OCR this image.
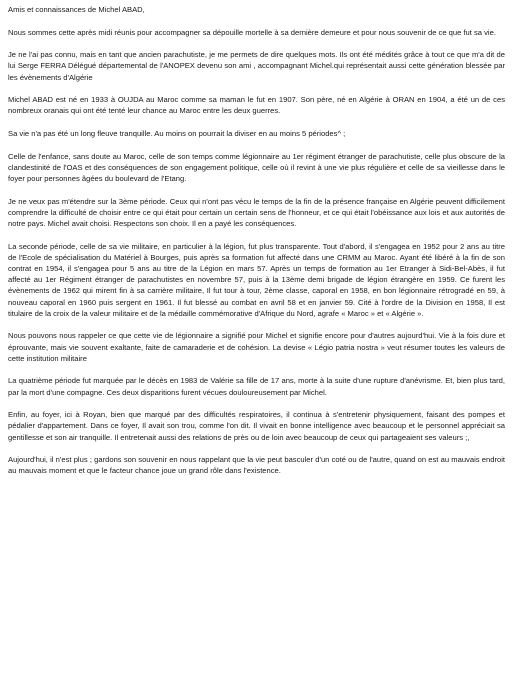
Amis et connaissances de Michel ABAD,

Nous sommes cette après midi réunis pour accompagner sa dépouille mortelle à sa dernière demeure et pour nous souvenir de ce que fut sa vie.

Je ne l'ai pas connu, mais en tant que ancien parachutiste, je me permets de dire quelques mots. Ils ont été médités grâce à tout ce que m'a dit de lui Serge FERRA Délégué départemental de l'ANOPEX devenu son ami , accompagnant Michel.qui représentait aussi cette génération blessée par les évènements d'Algérie

Michel ABAD est né en 1933 à OUJDA au Maroc comme sa maman le fut en 1907. Son père, né en Algérie à ORAN en 1904, a été un de ces nombreux oranais qui ont été tenté leur chance au Maroc entre les deux guerres.

Sa vie n'a pas été un long fleuve tranquille. Au moins on pourrait la diviser en au moins 5 périodes^ ;

Celle de l'enfance, sans doute au Maroc, celle de son temps comme légionnaire au 1er régiment étranger de parachutiste, celle plus obscure de la clandestinité de l'OAS et des conséquences de son engagement politique, celle où il revint à une vie plus régulière et celle de sa vieillesse dans le foyer pour personnes âgées du boulevard de l'Etang.

Je ne veux pas m'étendre sur la 3ème période. Ceux qui n'ont pas vécu le temps de la fin de la présence française en Algérie peuvent difficilement comprendre la difficulté de choisir entre ce qui était pour certain un certain sens de l'honneur, et ce qui était l'obéissance aux lois et aux autorités de notre pays. Michel avait choisi. Respectons son choix. Il en a payé les conséquences.

La seconde période, celle de sa vie militaire, en particulier à la légion, fut plus transparente. Tout d'abord, il s'engagea en 1952 pour 2 ans au titre de l'Ecole de spécialisation du Matériel à Bourges, puis après sa formation fut affecté dans une CRMM au Maroc. Ayant été libéré à la fin de son contrat en 1954, il s'engagea pour 5 ans au titre de la Légion en mars 57. Après un temps de formation au 1er Etranger à Sidi-Bel-Abès, il fut affecté au 1er Régiment étranger de parachutistes en novembre 57, puis à la 13ème demi brigade de légion étrangère en 1959. Ce furent les évènements de 1962 qui mirent fin à sa carrière militaire, Il fut tour à tour, 2ème classe, caporal en 1958, en bon légionnaire rétrogradé en 59, à nouveau caporal en 1960 puis sergent en 1961. Il fut blessé au combat en avril 58 et en janvier 59. Cité à l'ordre de la Division en 1958, Il est titulaire de la croix de la valeur militaire et de la médaille commémorative d'Afrique du Nord, agrafe « Maroc » et « Algérie ».

Nous pouvons nous rappeler ce que cette vie de légionnaire a signifié pour Michel et signifie encore pour d'autres aujourd'hui. Vie à la fois dure et éprouvante, mais vie souvent exaltante, faite de camaraderie et de cohésion. La devise « Légio patria nostra » veut résumer toutes les valeurs de cette institution militaire

La quatrième période fut marquée par le décès en 1983 de Valérie sa fille de 17 ans, morte à la suite d'une rupture d'anévrisme. Et, bien plus tard, par la mort d'une compagne. Ces deux disparitions furent vécues douloureusement par Michel.

Enfin, au foyer, ici à Royan, bien que marqué par des difficultés respiratoires, il continua à s'entretenir physiquement, faisant des pompes et pédalier d'appartement. Dans ce foyer, Il avait son trou, comme l'on dit. Il vivait en bonne intelligence avec beaucoup et le personnel appréciait sa gentillesse et son air tranquille. Il entretenait aussi des relations de près ou de loin avec beaucoup de ceux qui partageaient ses valeurs ;,

Aujourd'hui, il n'est plus ; gardons son souvenir en nous rappelant que la vie peut basculer d'un coté ou de l'autre, quand on est au mauvais endroit au mauvais moment et que le facteur chance joue un grand rôle dans l'existence.
